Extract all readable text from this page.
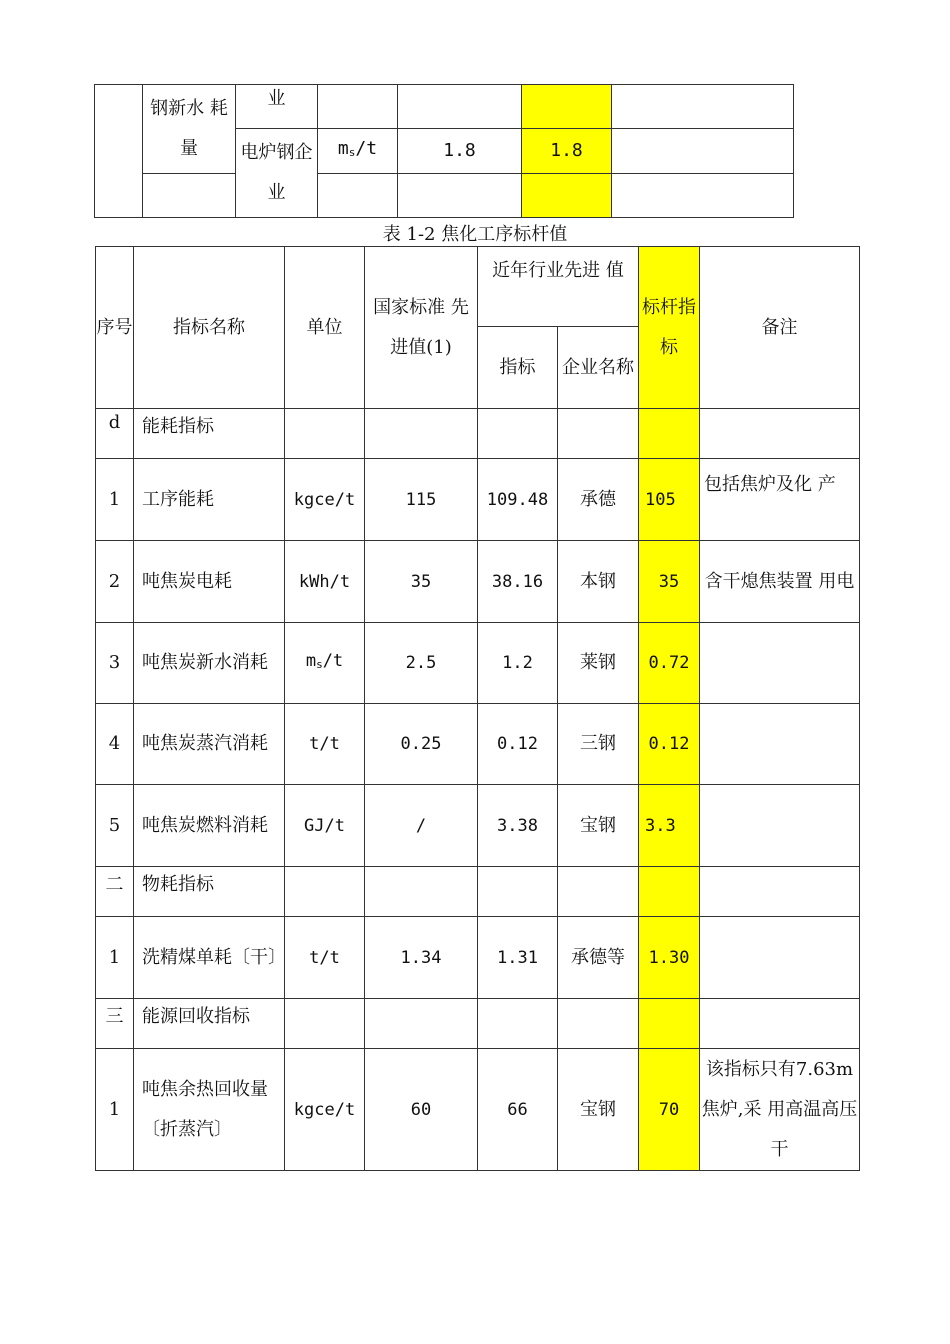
	钢新水 耗量	业				
		电炉钢企业	$m_s/t$	1.8	1.8	

表 1-2 焦化工序标杆值
序号	指标名称	单位	国家标准 先进值(1)	近年行业先进 值		标杆指标	备注
				指标	企业名称		
d	能耗指标						
1	工序能耗	kgce/t	115	109.48	承德	105	包括焦炉及化 产
2	吨焦炭电耗	kWh/t	35	38.16	本钢	35	含干熄焦装置 用电
3	吨焦炭新水消耗	$m_s/t$	2.5	1.2	莱钢	0.72	
4	吨焦炭蒸汽消耗	t/t	0.25	0.12	三钢	0.12	
5	吨焦炭燃料消耗	GJ/t	/	3.38	宝钢	3.3	
二	物耗指标						
1	洗精煤单耗〔干〕	t/t	1.34	1.31	承德等	1.30	
三	能源回收指标						
1	吨焦余热回收量〔折蒸汽〕	kgce/t	60	66	宝钢	70	该指标只有7.63m 焦炉,采 用高温高压干
